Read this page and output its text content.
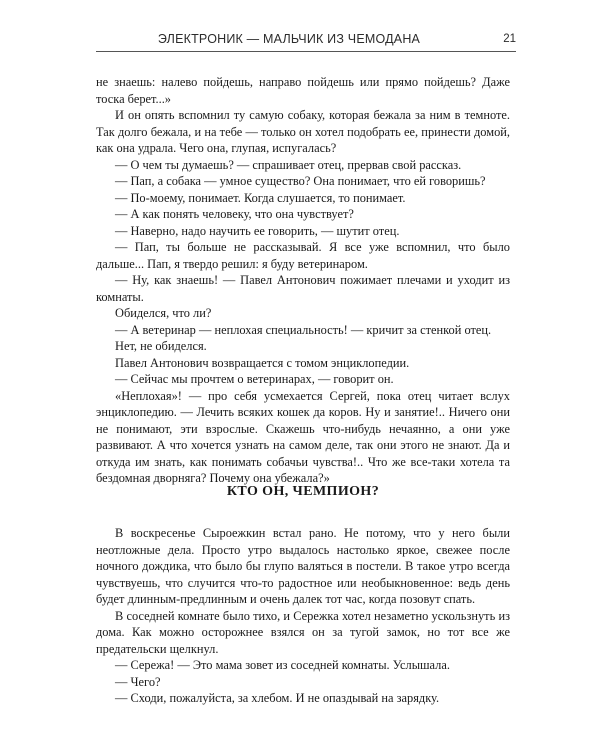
ЭЛЕКТРОНИК — МАЛЬЧИК ИЗ ЧЕМОДАНА	21

не знаешь: налево пойдешь, направо пойдешь или прямо пойдешь? Даже тоска берет...»

И он опять вспомнил ту самую собаку, которая бежала за ним в темноте. Так долго бежала, и на тебе — только он хотел подобрать ее, принести домой, как она удрала. Чего она, глупая, испугалась?

— О чем ты думаешь? — спрашивает отец, прервав свой рассказ.

— Пап, а собака — умное существо? Она понимает, что ей говоришь?

— По-моему, понимает. Когда слушается, то понимает.

— А как понять человеку, что она чувствует?

— Наверно, надо научить ее говорить, — шутит отец.

— Пап, ты больше не рассказывай. Я все уже вспомнил, что было дальше... Пап, я твердо решил: я буду ветеринаром.

— Ну, как знаешь! — Павел Антонович пожимает плечами и уходит из комнаты.

Обиделся, что ли?

— А ветеринар — неплохая специальность! — кричит за стенкой отец.

Нет, не обиделся.

Павел Антонович возвращается с томом энциклопедии.

— Сейчас мы прочтем о ветеринарах, — говорит он.

«Неплохая»! — про себя усмехается Сергей, пока отец читает вслух энциклопедию. — Лечить всяких кошек да коров. Ну и занятие!.. Ничего они не понимают, эти взрослые. Скажешь что-нибудь нечаянно, а они уже развивают. А что хочется узнать на самом деле, так они этого не знают. Да и откуда им знать, как понимать собачьи чувства!.. Что же все-таки хотела та бездомная дворняга? Почему она убежала?»

КТО ОН, ЧЕМПИОН?

В воскресенье Сыроежкин встал рано. Не потому, что у него были неотложные дела. Просто утро выдалось настолько яркое, свежее после ночного дождика, что было бы глупо валяться в постели. В такое утро всегда чувствуешь, что случится что-то радостное или необыкновенное: ведь день будет длинным-предлинным и очень далек тот час, когда позовут спать.

В соседней комнате было тихо, и Сережка хотел незаметно ускользнуть из дома. Как можно осторожнее взялся он за тугой замок, но тот все же предательски щелкнул.

— Сережа! — Это мама зовет из соседней комнаты. Услышала.

— Чего?

— Сходи, пожалуйста, за хлебом. И не опаздывай на зарядку.
